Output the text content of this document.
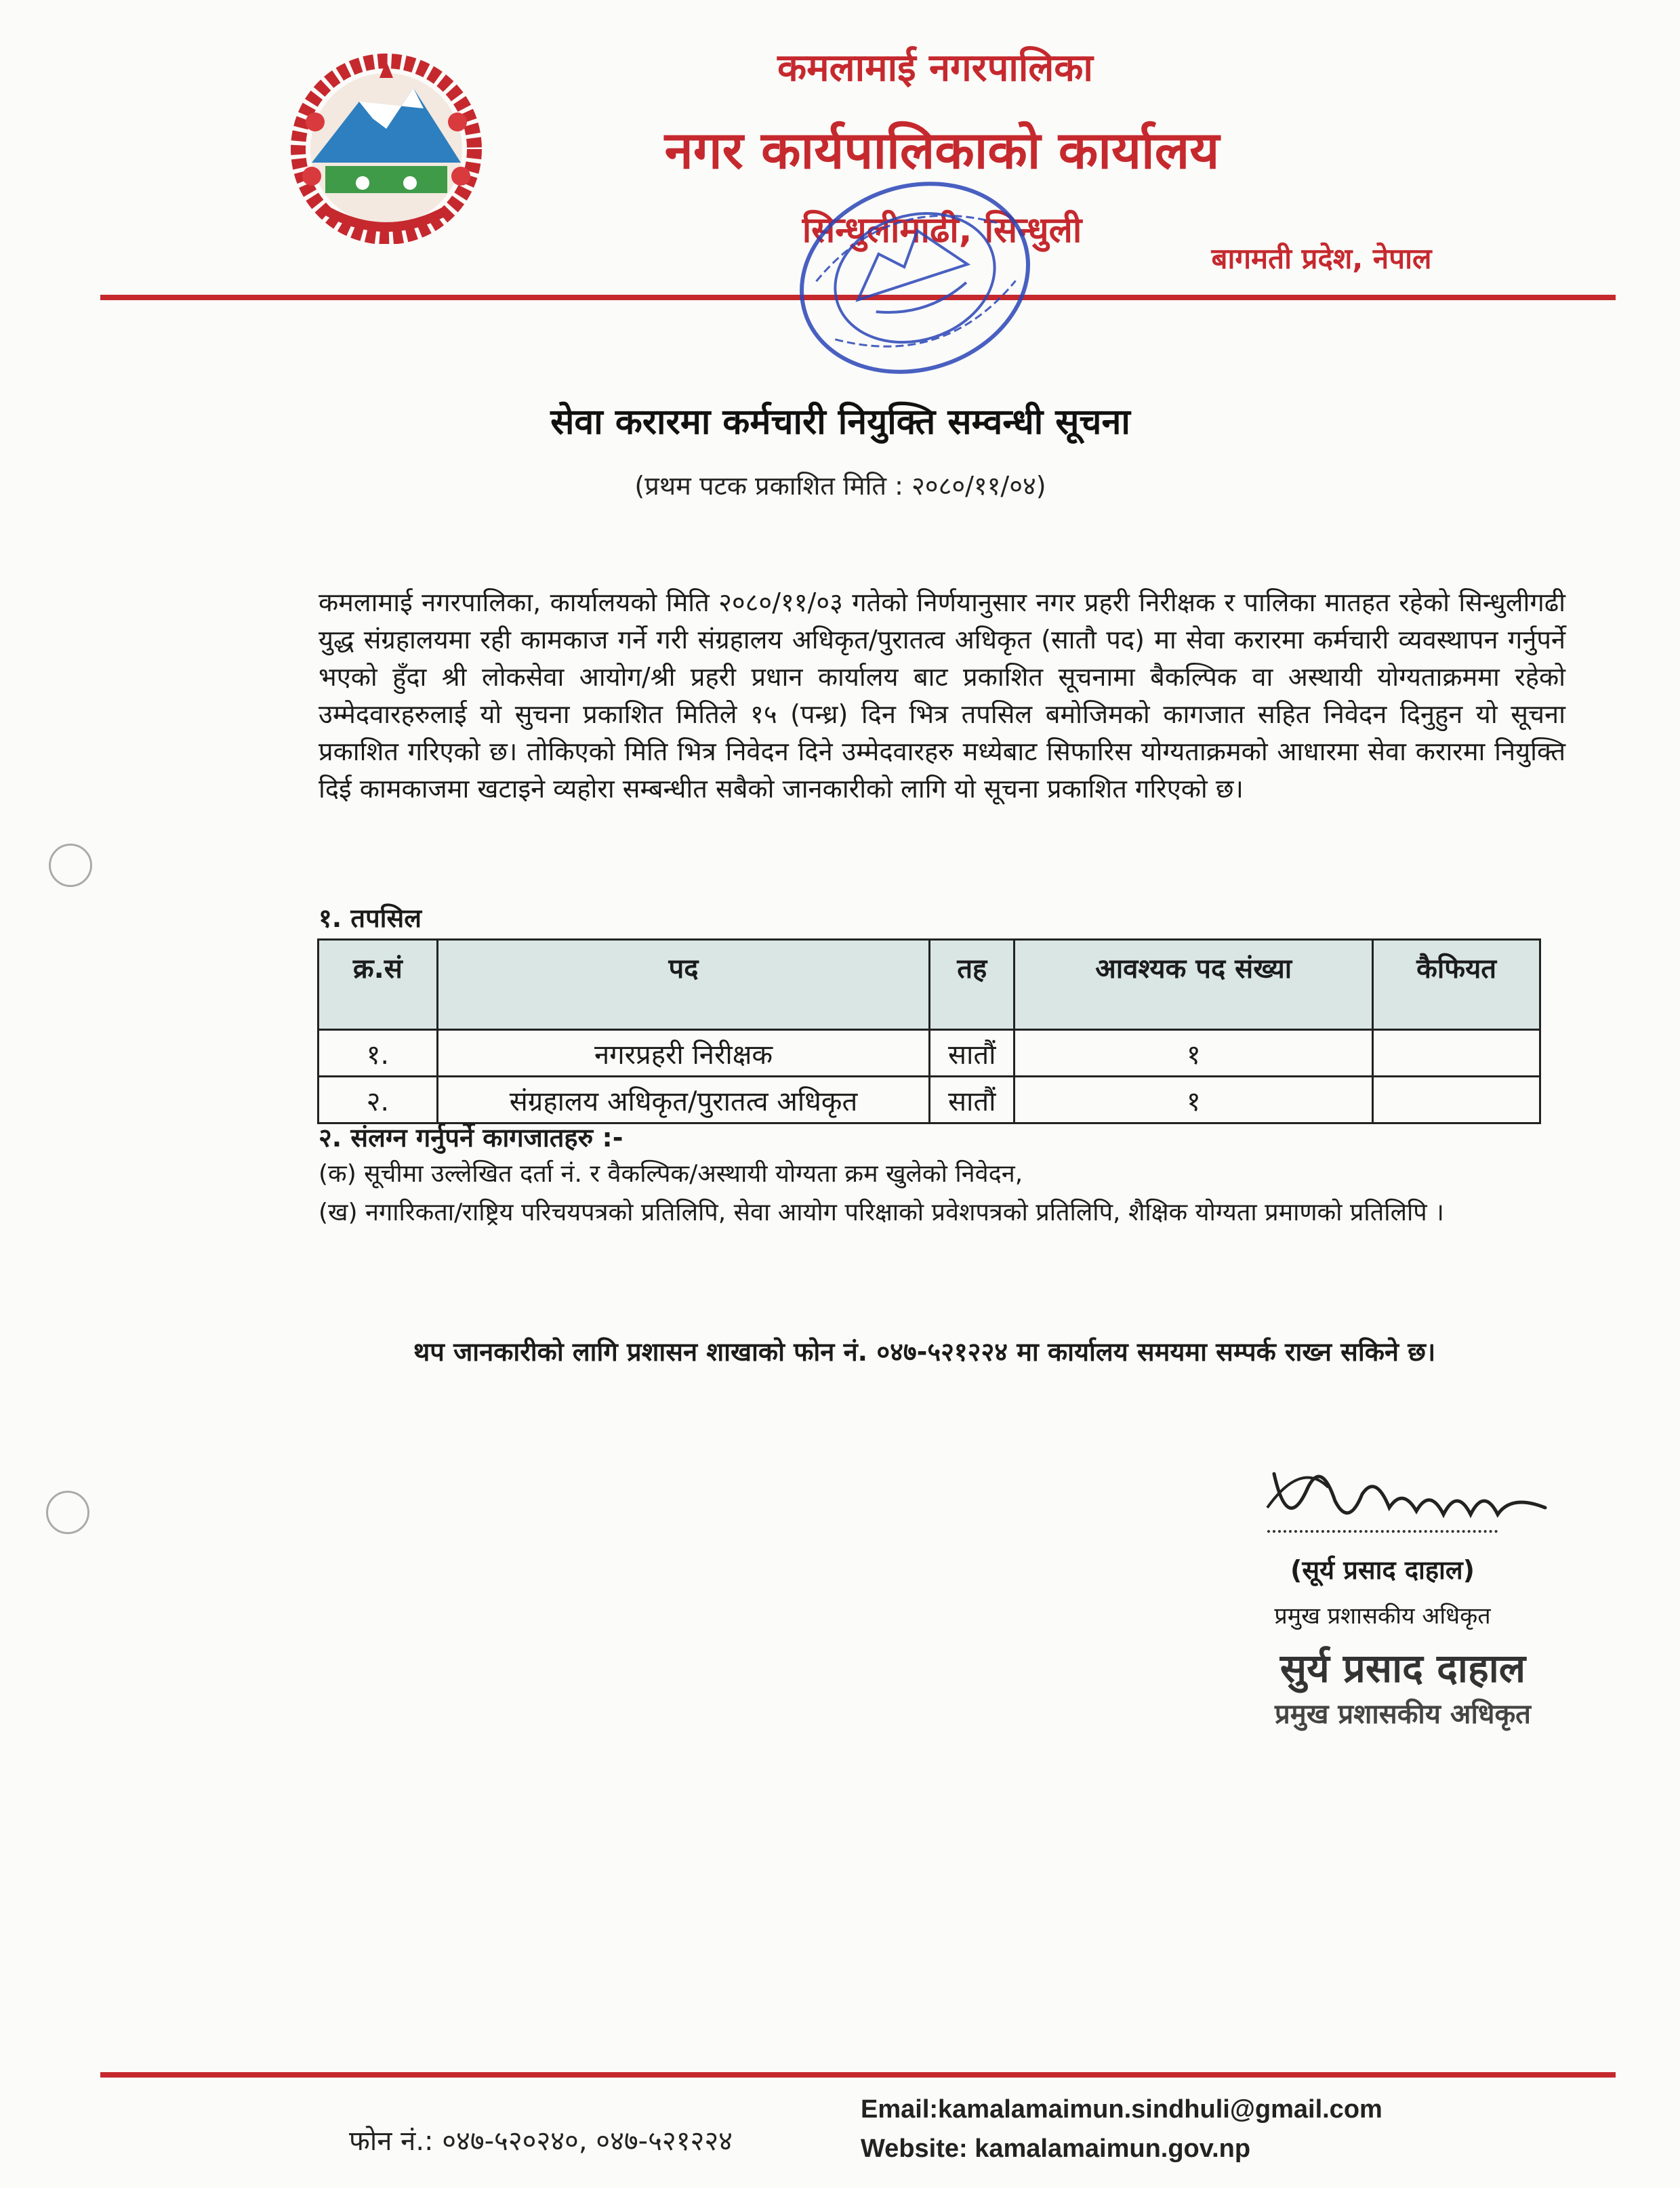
कमलामाई नगरपालिका
नगर कार्यपालिकाको कार्यालय
सिन्धुलीमाढी, सिन्धुली
बागमती प्रदेश, नेपाल
सेवा करारमा कर्मचारी नियुक्ति सम्वन्धी सूचना
(प्रथम पटक प्रकाशित मिति : २०८०/११/०४)
कमलामाई नगरपालिका, कार्यालयको मिति २०८०/११/०३ गतेको निर्णयानुसार नगर प्रहरी निरीक्षक र पालिका मातहत रहेको सिन्धुलीगढी युद्ध संग्रहालयमा रही कामकाज गर्ने गरी संग्रहालय अधिकृत/पुरातत्व अधिकृत (सातौ पद) मा सेवा करारमा कर्मचारी व्यवस्थापन गर्नुपर्ने भएको हुँदा श्री लोकसेवा आयोग/श्री प्रहरी प्रधान कार्यालय बाट प्रकाशित सूचनामा बैकल्पिक वा अस्थायी योग्यताक्रममा रहेको उम्मेदवारहरुलाई यो सुचना प्रकाशित मितिले १५ (पन्ध्र) दिन भित्र तपसिल बमोजिमको कागजात सहित निवेदन दिनुहुन यो सूचना प्रकाशित गरिएको छ। तोकिएको मिति भित्र निवेदन दिने उम्मेदवारहरु मध्येबाट सिफारिस योग्यताक्रमको आधारमा सेवा करारमा नियुक्ति दिई कामकाजमा खटाइने व्यहोरा सम्बन्धीत सबैको जानकारीको लागि यो सूचना प्रकाशित गरिएको छ।
१. तपसिल
क्र.सं	पद	तह	आवश्यक पद संख्या	कैफियत
१.	नगरप्रहरी निरीक्षक	सातौं	१	
२.	संग्रहालय अधिकृत/पुरातत्व अधिकृत	सातौं	१	
२. संलग्न गर्नुपर्ने कागजातहरु :-
(क) सूचीमा उल्लेखित दर्ता नं. र वैकल्पिक/अस्थायी योग्यता क्रम खुलेको निवेदन,
(ख) नगारिकता/राष्ट्रिय परिचयपत्रको प्रतिलिपि, सेवा आयोग परिक्षाको प्रवेशपत्रको प्रतिलिपि, शैक्षिक योग्यता प्रमाणको प्रतिलिपि ।
थप जानकारीको लागि प्रशासन शाखाको फोन नं. ०४७-५२१२२४ मा कार्यालय समयमा सम्पर्क राख्न सकिने छ।
(सूर्य प्रसाद दाहाल)
प्रमुख प्रशासकीय अधिकृत
सुर्य प्रसाद दाहाल
प्रमुख प्रशासकीय अधिकृत
फोन नं.: ०४७-५२०२४०, ०४७-५२१२२४
Email:kamalamaimun.sindhuli@gmail.com
Website: kamalamaimun.gov.np
